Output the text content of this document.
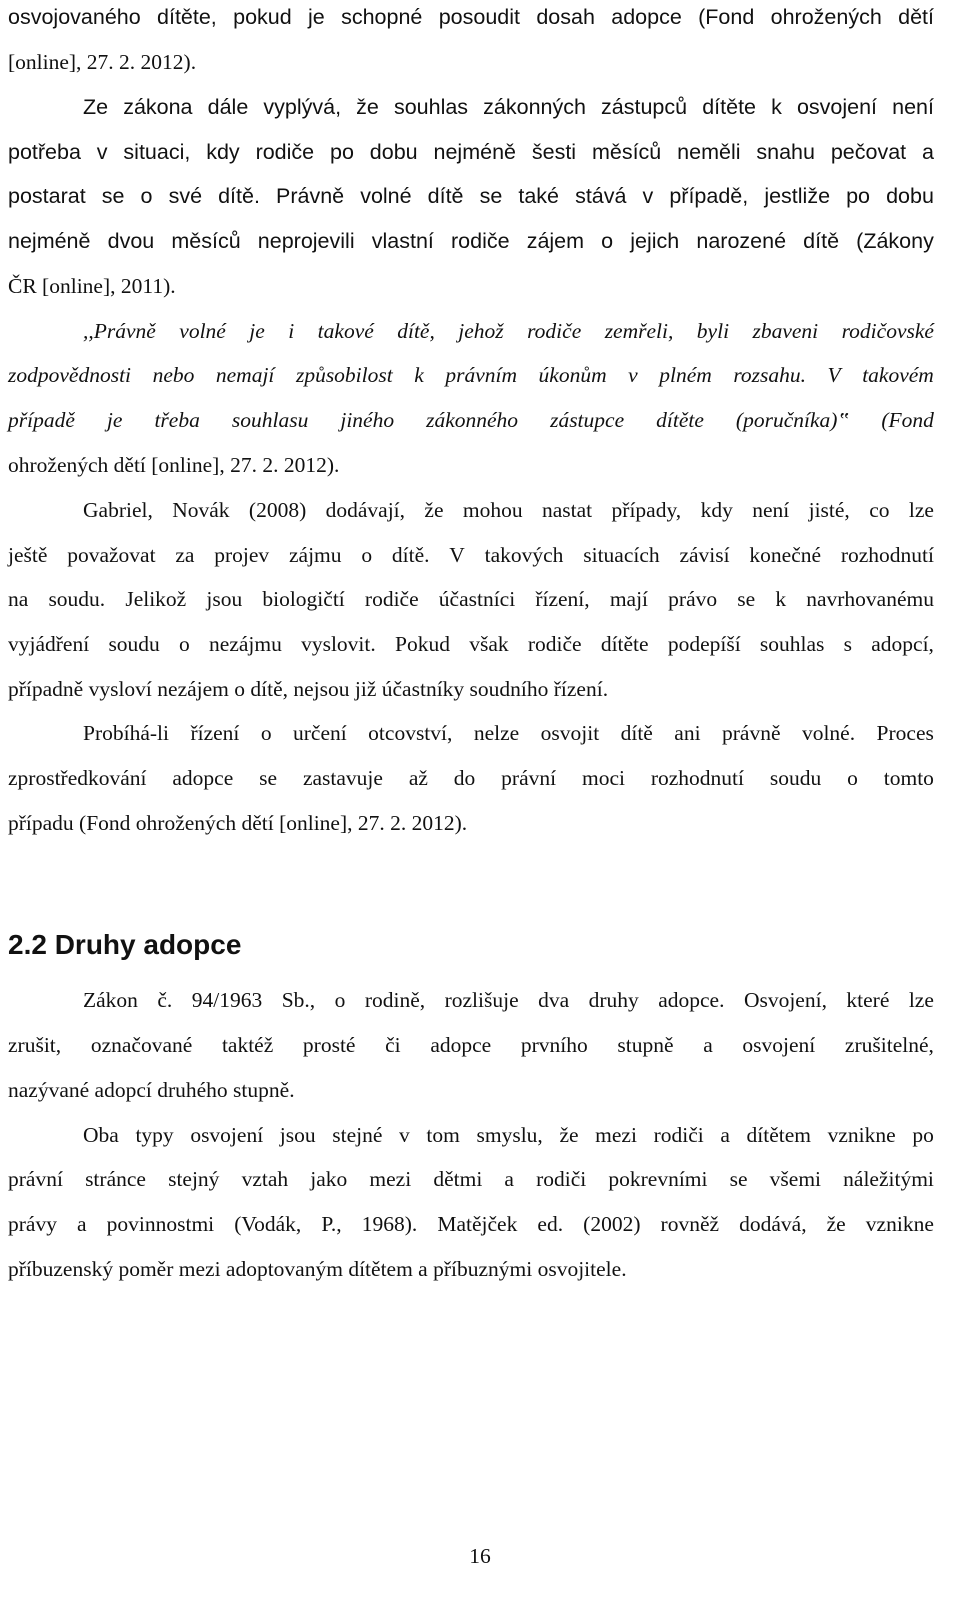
osvojovaného dítěte, pokud je schopné posoudit dosah adopce (Fond ohrožených dětí
[online], 27. 2. 2012).
Ze zákona dále vyplývá, že souhlas zákonných zástupců dítěte k osvojení není
potřeba v situaci, kdy rodiče po dobu nejméně šesti měsíců neměli snahu pečovat a
postarat se o své dítě. Právně volné dítě se také stává v případě, jestliže po dobu
nejméně dvou měsíců neprojevili vlastní rodiče zájem o jejich narozené dítě (Zákony
ČR [online], 2011).
,,Právně volné je i takové dítě, jehož rodiče zemřeli, byli zbaveni rodičovské
zodpovědnosti nebo nemají způsobilost k právním úkonům v plném rozsahu. V takovém
případě je třeba souhlasu jiného zákonného zástupce dítěte (poručníka)‟ (Fond
ohrožených dětí [online], 27. 2. 2012).
Gabriel, Novák (2008) dodávají, že mohou nastat případy, kdy není jisté, co lze
ještě považovat za projev zájmu o dítě. V takových situacích závisí konečné rozhodnutí
na soudu. Jelikož jsou biologičtí rodiče účastníci řízení, mají právo se k navrhovanému
vyjádření soudu o nezájmu vyslovit. Pokud však rodiče dítěte podepíší souhlas s adopcí,
případně vysloví nezájem o dítě, nejsou již účastníky soudního řízení.
Probíhá-li řízení o určení otcovství, nelze osvojit dítě ani právně volné. Proces
zprostředkování adopce se zastavuje až do právní moci rozhodnutí soudu o tomto
případu (Fond ohrožených dětí [online], 27. 2. 2012).
2.2 Druhy adopce
Zákon č. 94/1963 Sb., o rodině, rozlišuje dva druhy adopce. Osvojení, které lze
zrušit, označované taktéž prosté či adopce prvního stupně a osvojení zrušitelné,
nazývané adopcí druhého stupně.
Oba typy osvojení jsou stejné v tom smyslu, že mezi rodiči a dítětem vznikne po
právní stránce stejný vztah jako mezi dětmi a rodiči pokrevními se všemi náležitými
právy a povinnostmi (Vodák, P., 1968). Matějček ed. (2002) rovněž dodává, že vznikne
příbuzenský poměr mezi adoptovaným dítětem a příbuznými osvojitele.
16
